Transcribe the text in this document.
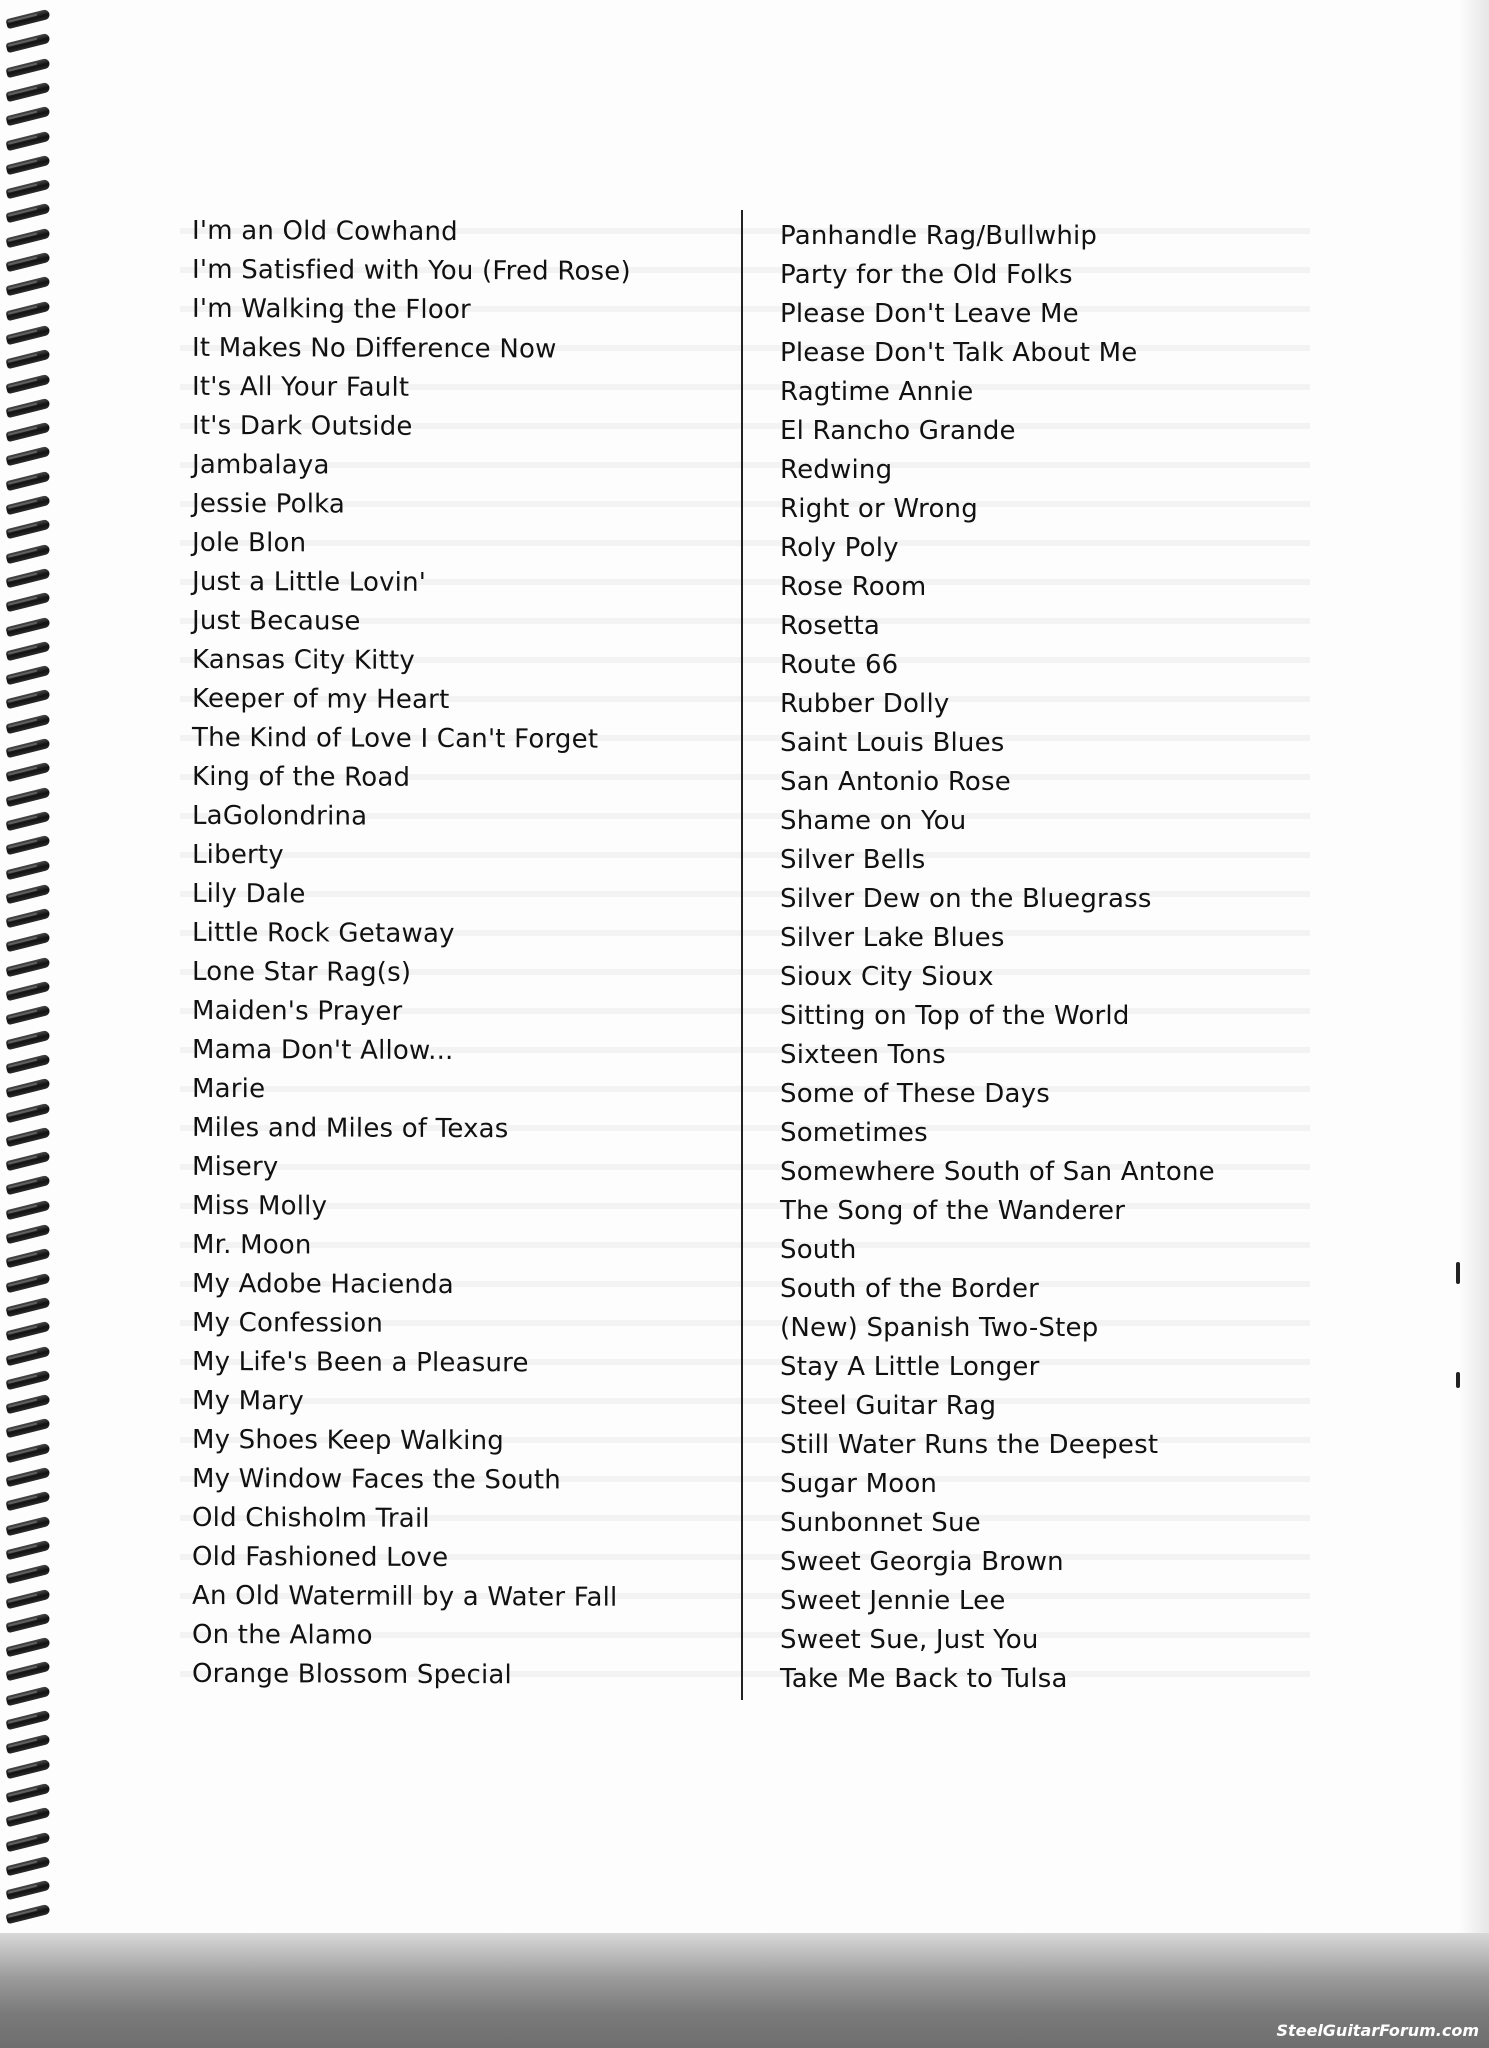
I'm an Old Cowhand
I'm Satisfied with You (Fred Rose)
I'm Walking the Floor
It Makes No Difference Now
It's All Your Fault
It's Dark Outside
Jambalaya
Jessie Polka
Jole Blon
Just a Little Lovin'
Just Because
Kansas City Kitty
Keeper of my Heart
The Kind of Love I Can't Forget
King of the Road
LaGolondrina
Liberty
Lily Dale
Little Rock Getaway
Lone Star Rag(s)
Maiden's Prayer
Mama Don't Allow...
Marie
Miles and Miles of Texas
Misery
Miss Molly
Mr. Moon
My Adobe Hacienda
My Confession
My Life's Been a Pleasure
My Mary
My Shoes Keep Walking
My Window Faces the South
Old Chisholm Trail
Old Fashioned Love
An Old Watermill by a Water Fall
On the Alamo
Orange Blossom Special
Panhandle Rag/Bullwhip
Party for the Old Folks
Please Don't Leave Me
Please Don't Talk About Me
Ragtime Annie
El Rancho Grande
Redwing
Right or Wrong
Roly Poly
Rose Room
Rosetta
Route 66
Rubber Dolly
Saint Louis Blues
San Antonio Rose
Shame on You
Silver Bells
Silver Dew on the Bluegrass
Silver Lake Blues
Sioux City Sioux
Sitting on Top of the World
Sixteen Tons
Some of These Days
Sometimes
Somewhere South of San Antone
The Song of the Wanderer
South
South of the Border
(New) Spanish Two-Step
Stay A Little Longer
Steel Guitar Rag
Still Water Runs the Deepest
Sugar Moon
Sunbonnet Sue
Sweet Georgia Brown
Sweet Jennie Lee
Sweet Sue, Just You
Take Me Back to Tulsa
SteelGuitarForum.com
